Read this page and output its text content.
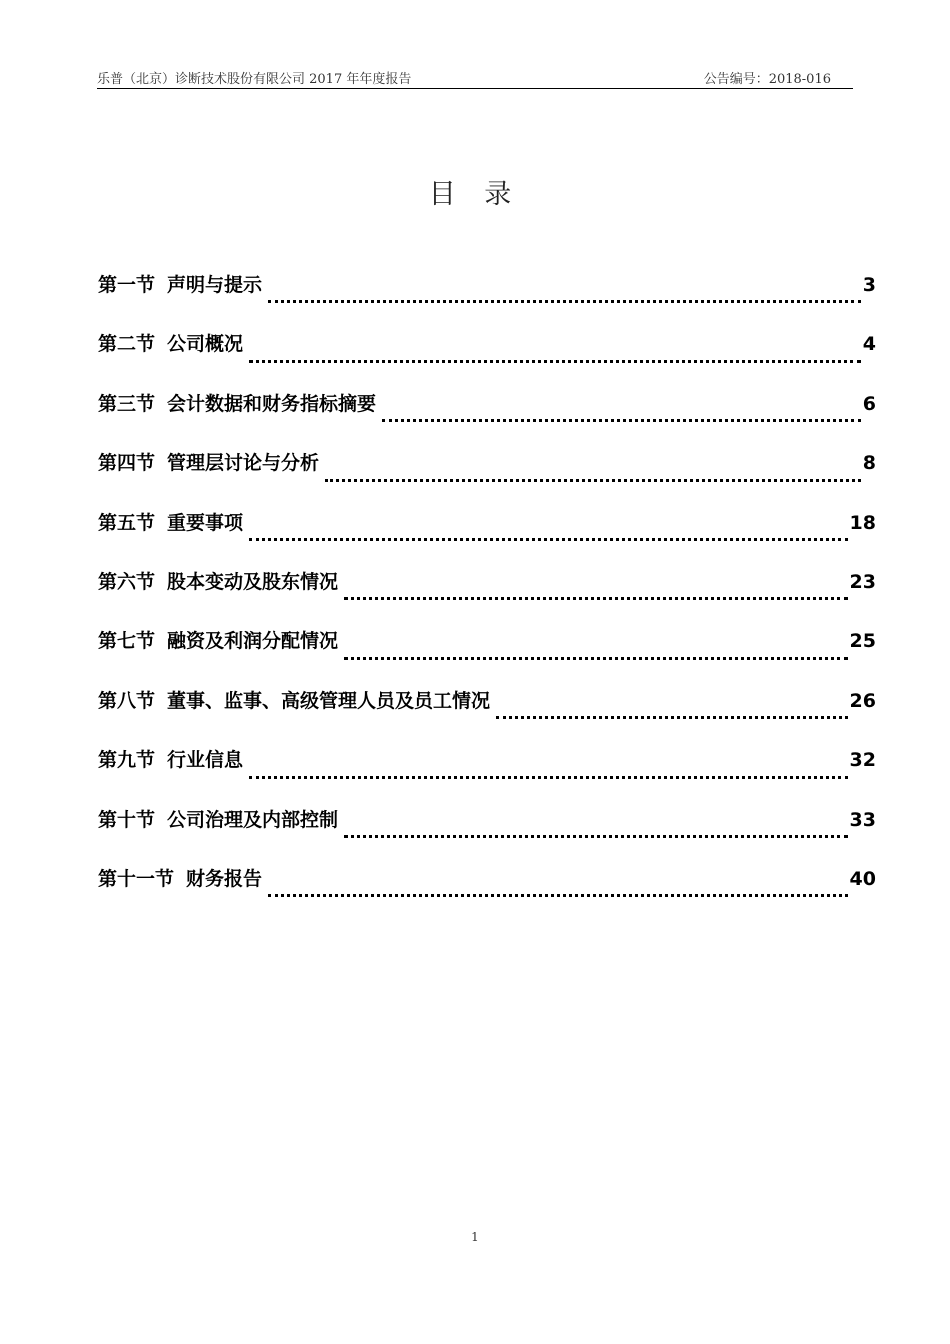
乐普（北京）诊断技术股份有限公司 2017 年年度报告	公告编号：2018-016
目 录
第一节 声明与提示	3
第二节 公司概况	4
第三节 会计数据和财务指标摘要	6
第四节 管理层讨论与分析	8
第五节 重要事项	18
第六节 股本变动及股东情况	23
第七节 融资及利润分配情况	25
第八节 董事、监事、高级管理人员及员工情况	26
第九节 行业信息	32
第十节 公司治理及内部控制	33
第十一节 财务报告	40
1
